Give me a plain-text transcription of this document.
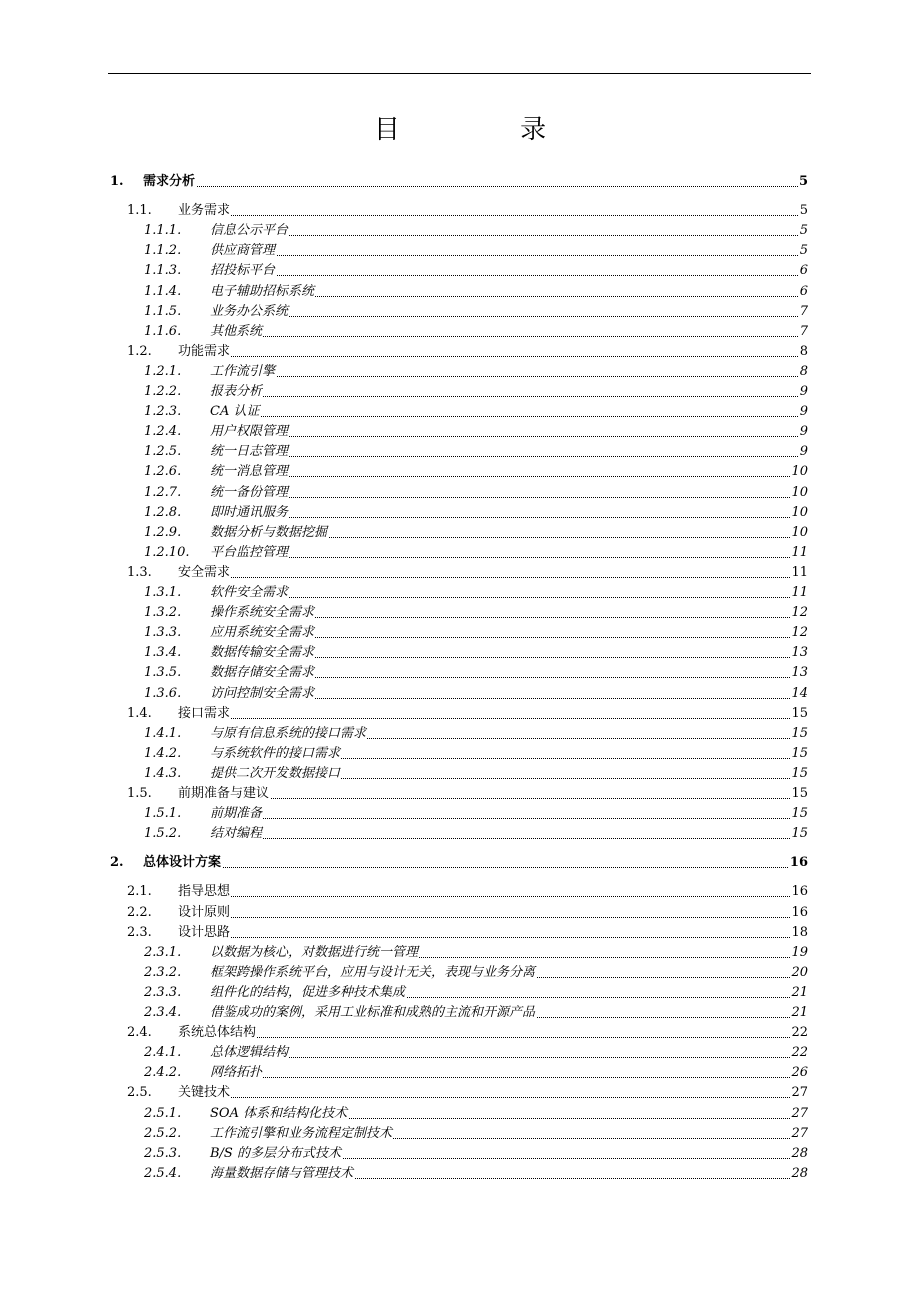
目 录
1. 需求分析	5
1.1. 业务需求	5
1.1.1. 信息公示平台	5
1.1.2. 供应商管理	5
1.1.3. 招投标平台	6
1.1.4. 电子辅助招标系统	6
1.1.5. 业务办公系统	7
1.1.6. 其他系统	7
1.2. 功能需求	8
1.2.1. 工作流引擎	8
1.2.2. 报表分析	9
1.2.3. CA 认证	9
1.2.4. 用户权限管理	9
1.2.5. 统一日志管理	9
1.2.6. 统一消息管理	10
1.2.7. 统一备份管理	10
1.2.8. 即时通讯服务	10
1.2.9. 数据分析与数据挖掘	10
1.2.10. 平台监控管理	11
1.3. 安全需求	11
1.3.1. 软件安全需求	11
1.3.2. 操作系统安全需求	12
1.3.3. 应用系统安全需求	12
1.3.4. 数据传输安全需求	13
1.3.5. 数据存储安全需求	13
1.3.6. 访问控制安全需求	14
1.4. 接口需求	15
1.4.1. 与原有信息系统的接口需求	15
1.4.2. 与系统软件的接口需求	15
1.4.3. 提供二次开发数据接口	15
1.5. 前期准备与建议	15
1.5.1. 前期准备	15
1.5.2. 结对编程	15
2. 总体设计方案	16
2.1. 指导思想	16
2.2. 设计原则	16
2.3. 设计思路	18
2.3.1. 以数据为核心，对数据进行统一管理	19
2.3.2. 框架跨操作系统平台，应用与设计无关，表现与业务分离	20
2.3.3. 组件化的结构，促进多种技术集成	21
2.3.4. 借鉴成功的案例，采用工业标准和成熟的主流和开源产品	21
2.4. 系统总体结构	22
2.4.1. 总体逻辑结构	22
2.4.2. 网络拓扑	26
2.5. 关键技术	27
2.5.1. SOA 体系和结构化技术	27
2.5.2. 工作流引擎和业务流程定制技术	27
2.5.3. B/S 的多层分布式技术	28
2.5.4. 海量数据存储与管理技术	28
